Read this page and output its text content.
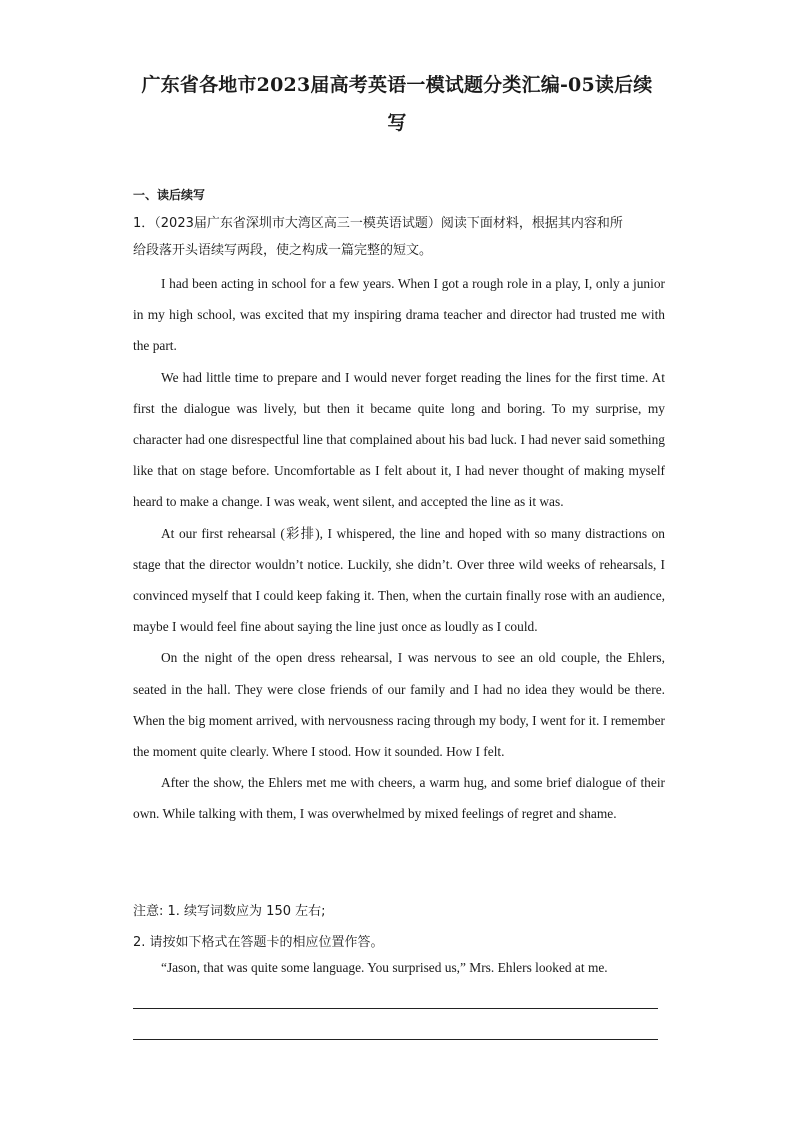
广东省各地市2023届高考英语一模试题分类汇编-05读后续
写
一、读后续写
1．（2023届广东省深圳市大湾区高三一模英语试题）阅读下面材料，根据其内容和所
给段落开头语续写两段，使之构成一篇完整的短文。

I had been acting in school for a few years. When I got a rough role in a play, I, only a junior in my high school, was excited that my inspiring drama teacher and director had trusted me with the part.

We had little time to prepare and I would never forget reading the lines for the first time. At first the dialogue was lively, but then it became quite long and boring. To my surprise, my character had one disrespectful line that complained about his bad luck. I had never said something like that on stage before. Uncomfortable as I felt about it, I had never thought of making myself heard to make a change. I was weak, went silent, and accepted the line as it was.

At our first rehearsal (彩排), I whispered, the line and hoped with so many distractions on stage that the director wouldn’t notice. Luckily, she didn’t. Over three wild weeks of rehearsals, I convinced myself that I could keep faking it. Then, when the curtain finally rose with an audience, maybe I would feel fine about saying the line just once as loudly as I could.

On the night of the open dress rehearsal, I was nervous to see an old couple, the Ehlers, seated in the hall. They were close friends of our family and I had no idea they would be there. When the big moment arrived, with nervousness racing through my body, I went for it. I remember the moment quite clearly. Where I stood. How it sounded. How I felt.

After the show, the Ehlers met me with cheers, a warm hug, and some brief dialogue of their own. While talking with them, I was overwhelmed by mixed feelings of regret and shame.

注意: 1. 续写词数应为 150 左右;
2. 请按如下格式在答题卡的相应位置作答。
“Jason, that was quite some language. You surprised us,” Mrs. Ehlers looked at me.
